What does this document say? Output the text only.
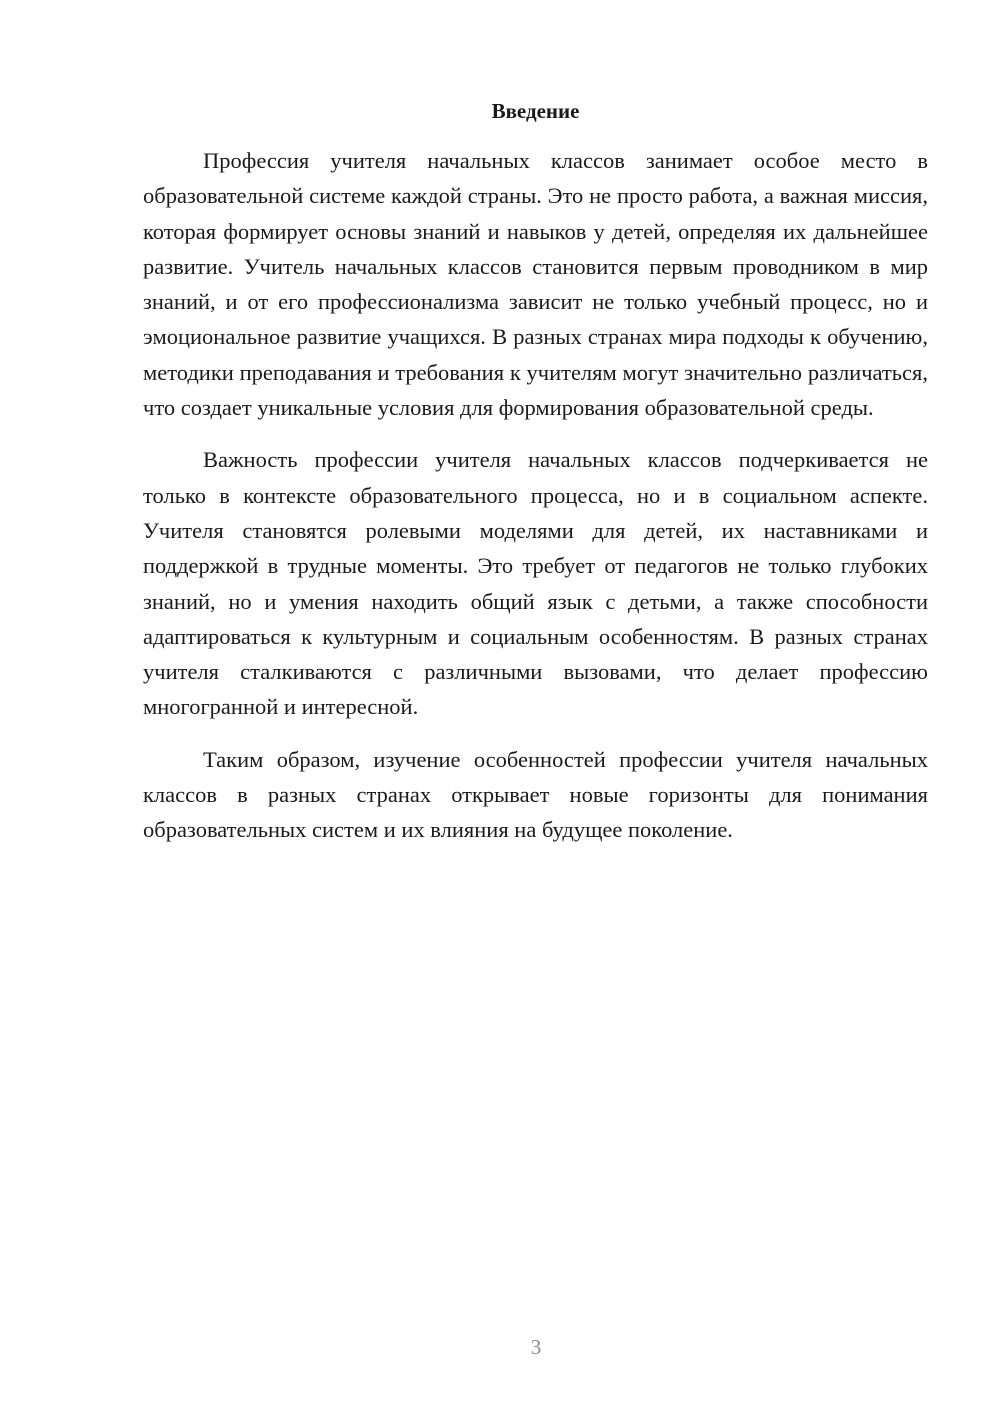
Введение

Профессия учителя начальных классов занимает особое место в образовательной системе каждой страны. Это не просто работа, а важная миссия, которая формирует основы знаний и навыков у детей, определяя их дальнейшее развитие. Учитель начальных классов становится первым проводником в мир знаний, и от его профессионализма зависит не только учебный процесс, но и эмоциональное развитие учащихся. В разных странах мира подходы к обучению, методики преподавания и требования к учителям могут значительно различаться, что создает уникальные условия для формирования образовательной среды.

Важность профессии учителя начальных классов подчеркивается не только в контексте образовательного процесса, но и в социальном аспекте. Учителя становятся ролевыми моделями для детей, их наставниками и поддержкой в трудные моменты. Это требует от педагогов не только глубоких знаний, но и умения находить общий язык с детьми, а также способности адаптироваться к культурным и социальным особенностям. В разных странах учителя сталкиваются с различными вызовами, что делает профессию многогранной и интересной.

Таким образом, изучение особенностей профессии учителя начальных классов в разных странах открывает новые горизонты для понимания образовательных систем и их влияния на будущее поколение.

3
